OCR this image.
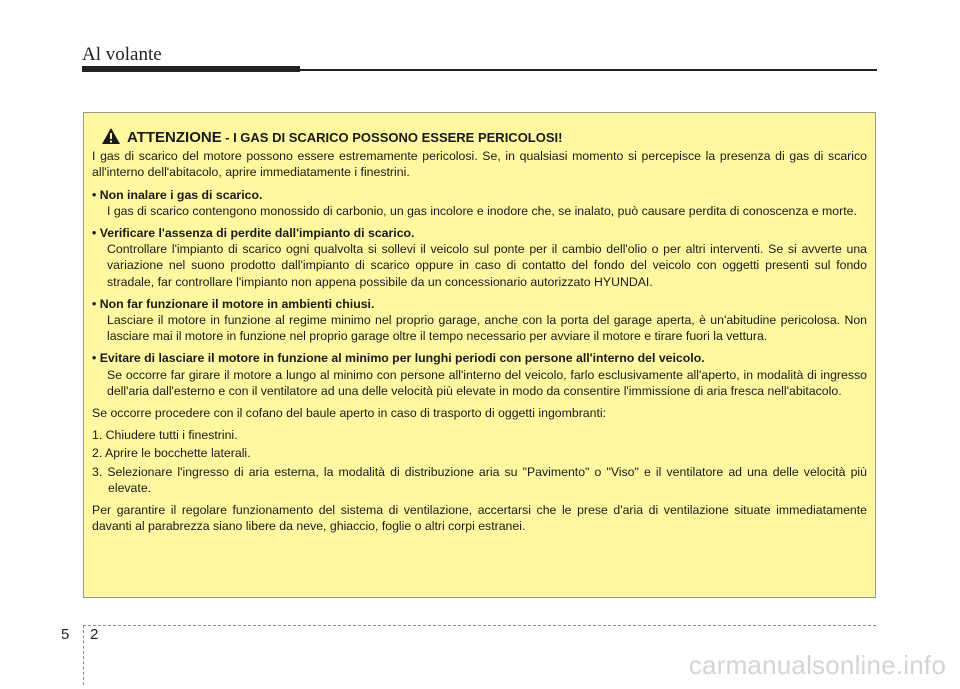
Al volante
ATTENZIONE
- I GAS DI SCARICO POSSONO ESSERE PERICOLOSI!

I gas di scarico del motore possono essere estremamente pericolosi. Se, in qualsiasi momento si percepisce la presenza di gas di scarico all'interno dell'abitacolo, aprire immediatamente i finestrini.

• Non inalare i gas di scarico.

I gas di scarico contengono monossido di carbonio, un gas incolore e inodore che, se inalato, può causare perdita di conoscenza e morte.

• Verificare l'assenza di perdite dall'impianto di scarico.

Controllare l'impianto di scarico ogni qualvolta si sollevi il veicolo sul ponte per il cambio dell'olio o per altri interventi. Se si avverte una variazione nel suono prodotto dall'impianto di scarico oppure in caso di contatto del fondo del veicolo con oggetti presenti sul fondo stradale, far controllare l'impianto non appena possibile da un concessionario autorizzato HYUNDAI.

• Non far funzionare il motore in ambienti chiusi.

Lasciare il motore in funzione al regime minimo nel proprio garage, anche con la porta del garage aperta, è un'abitudine pericolosa. Non lasciare mai il motore in funzione nel proprio garage oltre il tempo necessario per avviare il motore e tirare fuori la vettura.

• Evitare di lasciare il motore in funzione al minimo per lunghi periodi con persone all'interno del veicolo.

Se occorre far girare il motore a lungo al minimo con persone all'interno del veicolo, farlo esclusivamente all'aperto, in modalità di ingresso dell'aria dall'esterno e con il ventilatore ad una delle velocità più elevate in modo da consentire l'immissione di aria fresca nell'abitacolo.

Se occorre procedere con il cofano del baule aperto in caso di trasporto di oggetti ingombranti:

1. Chiudere tutti i finestrini.

2. Aprire le bocchette laterali.

3. Selezionare l'ingresso di aria esterna, la modalità di distribuzione aria su "Pavimento" o "Viso" e il ventilatore ad una delle velocità più elevate.

Per garantire il regolare funzionamento del sistema di ventilazione, accertarsi che le prese d'aria di ventilazione situate immediatamente davanti al parabrezza siano libere da neve, ghiaccio, foglie o altri corpi estranei.

5 2
carmanualsonline.info
